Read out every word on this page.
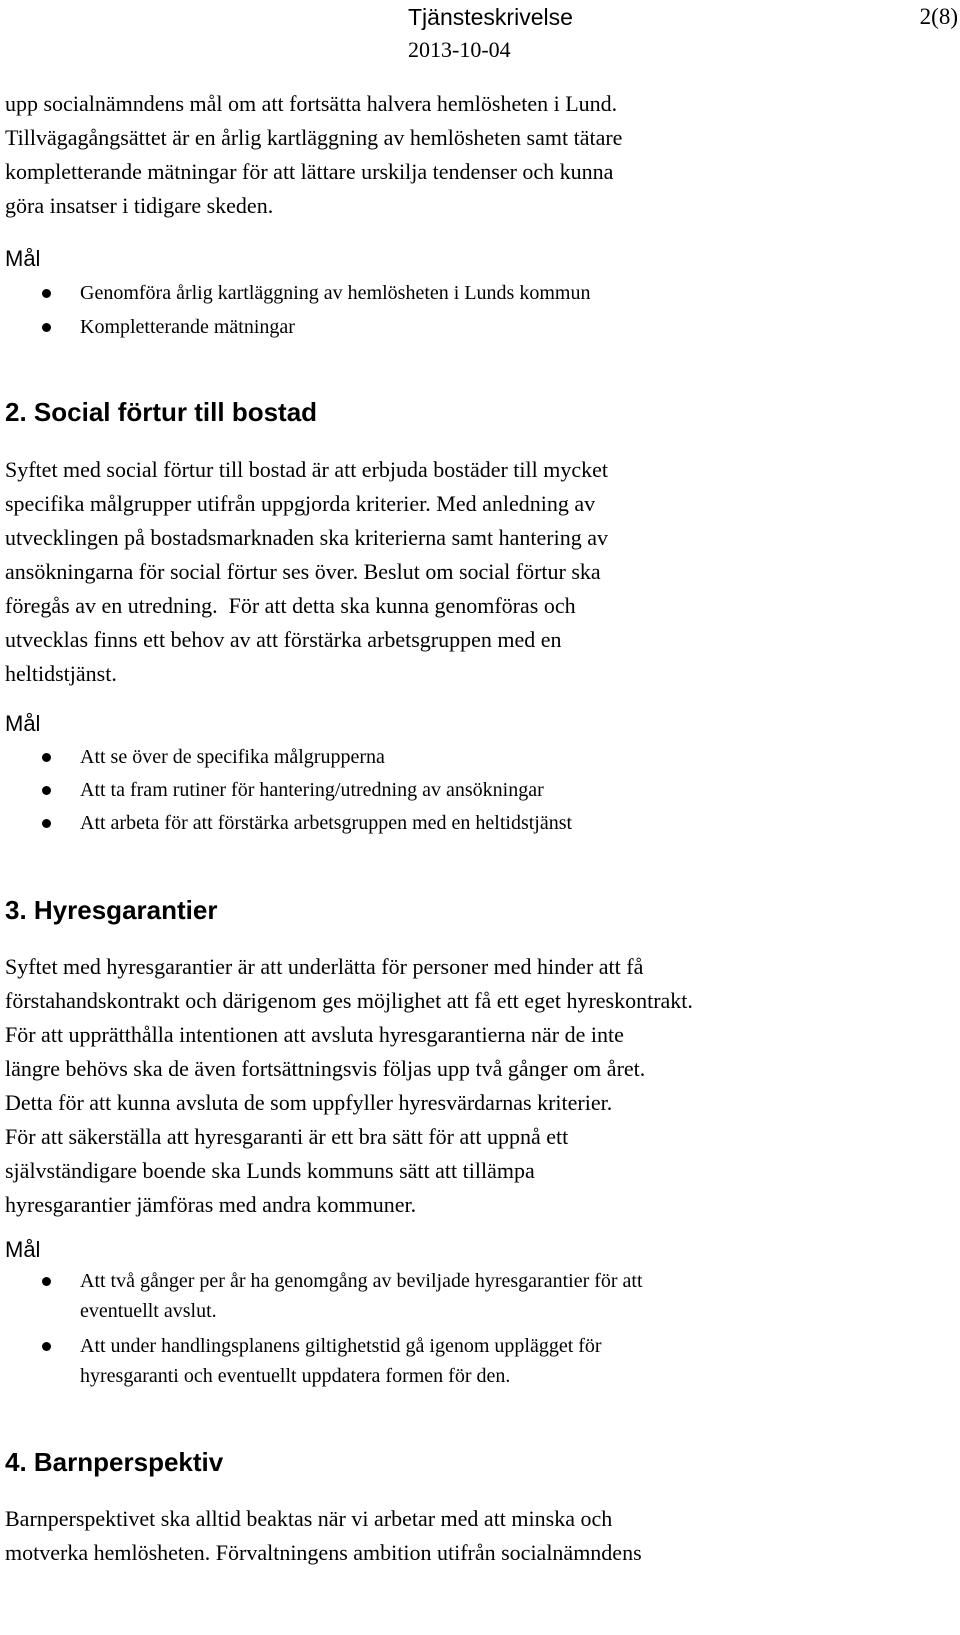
Tjänsteskrivelse	2(8)
2013-10-04

upp socialnämndens mål om att fortsätta halvera hemlösheten i Lund.
Tillvägagångsättet är en årlig kartläggning av hemlösheten samt tätare
kompletterande mätningar för att lättare urskilja tendenser och kunna
göra insatser i tidigare skeden.

Mål

Genomföra årlig kartläggning av hemlösheten i Lunds kommun
Kompletterande mätningar
2. Social förtur till bostad

Syftet med social förtur till bostad är att erbjuda bostäder till mycket
specifika målgrupper utifrån uppgjorda kriterier. Med anledning av
utvecklingen på bostadsmarknaden ska kriterierna samt hantering av
ansökningarna för social förtur ses över. Beslut om social förtur ska
föregås av en utredning.  För att detta ska kunna genomföras och
utvecklas finns ett behov av att förstärka arbetsgruppen med en
heltidstjänst.

Mål

Att se över de specifika målgrupperna
Att ta fram rutiner för hantering/utredning av ansökningar
Att arbeta för att förstärka arbetsgruppen med en heltidstjänst
3. Hyresgarantier

Syftet med hyresgarantier är att underlätta för personer med hinder att få
förstahandskontrakt och därigenom ges möjlighet att få ett eget hyreskontrakt.
För att upprätthålla intentionen att avsluta hyresgarantierna när de inte
längre behövs ska de även fortsättningsvis följas upp två gånger om året.
Detta för att kunna avsluta de som uppfyller hyresvärdarnas kriterier.
För att säkerställa att hyresgaranti är ett bra sätt för att uppnå ett
självständigare boende ska Lunds kommuns sätt att tillämpa
hyresgarantier jämföras med andra kommuner.

Mål

Att två gånger per år ha genomgång av beviljade hyresgarantier för att
eventuellt avslut.
Att under handlingsplanens giltighetstid gå igenom upplägget för
hyresgaranti och eventuellt uppdatera formen för den.
4. Barnperspektiv

Barnperspektivet ska alltid beaktas när vi arbetar med att minska och
motverka hemlösheten. Förvaltningens ambition utifrån socialnämndens
